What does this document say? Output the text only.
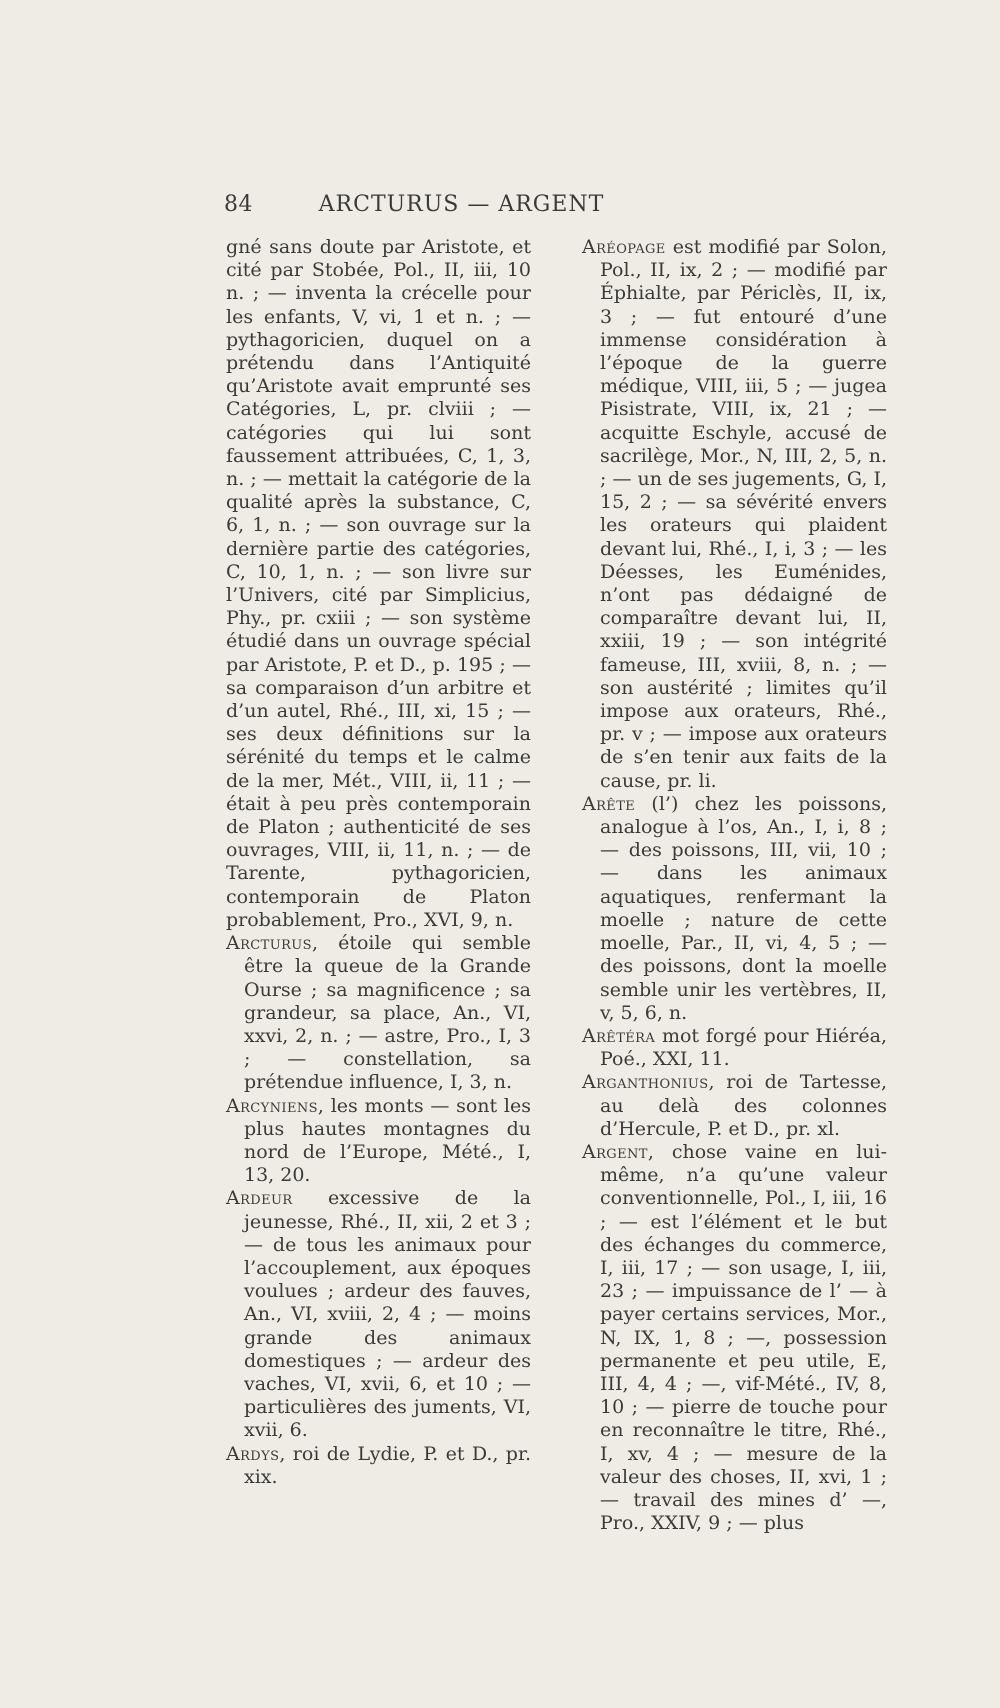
84	ARCTURUS — ARGENT

gné sans doute par Aristote, et cité par Stobée, Pol., II, iii, 10 n. ; — inventa la crécelle pour les enfants, V, vi, 1 et n. ; — pythagoricien, duquel on a prétendu dans l’Antiquité qu’Aristote avait emprunté ses Catégories, L, pr. clviii ; — catégories qui lui sont faussement attribuées, C, 1, 3, n. ; — mettait la catégorie de la qualité après la substance, C, 6, 1, n. ; — son ouvrage sur la dernière partie des catégories, C, 10, 1, n. ; — son livre sur l’Univers, cité par Simplicius, Phy., pr. cxiii ; — son système étudié dans un ouvrage spécial par Aristote, P. et D., p. 195 ; — sa comparaison d’un arbitre et d’un autel, Rhé., III, xi, 15 ; — ses deux définitions sur la sérénité du temps et le calme de la mer, Mét., VIII, ii, 11 ; — était à peu près contemporain de Platon ; authenticité de ses ouvrages, VIII, ii, 11, n. ; — de Tarente, pythagoricien, contemporain de Platon probablement, Pro., XVI, 9, n.

Arcturus, étoile qui semble être la queue de la Grande Ourse ; sa magnificence ; sa grandeur, sa place, An., VI, xxvi, 2, n. ; — astre, Pro., I, 3 ; — constellation, sa prétendue influence, I, 3, n.

Arcyniens, les monts — sont les plus hautes montagnes du nord de l’Europe, Mété., I, 13, 20.

Ardeur excessive de la jeunesse, Rhé., II, xii, 2 et 3 ; — de tous les animaux pour l’accouplement, aux époques voulues ; ardeur des fauves, An., VI, xviii, 2, 4 ; — moins grande des animaux domestiques ; — ardeur des vaches, VI, xvii, 6, et 10 ; — particulières des juments, VI, xvii, 6.

Ardys, roi de Lydie, P. et D., pr. xix.

Aréopage est modifié par Solon, Pol., II, ix, 2 ; — modifié par Éphialte, par Périclès, II, ix, 3 ; — fut entouré d’une immense considération à l’époque de la guerre médique, VIII, iii, 5 ; — jugea Pisistrate, VIII, ix, 21 ; — acquitte Eschyle, accusé de sacrilège, Mor., N, III, 2, 5, n. ; — un de ses jugements, G, I, 15, 2 ; — sa sévérité envers les orateurs qui plaident devant lui, Rhé., I, i, 3 ; — les Déesses, les Euménides, n’ont pas dédaigné de comparaître devant lui, II, xxiii, 19 ; — son intégrité fameuse, III, xviii, 8, n. ; — son austérité ; limites qu’il impose aux orateurs, Rhé., pr. v ; — impose aux orateurs de s’en tenir aux faits de la cause, pr. li.

Arête (l’) chez les poissons, analogue à l’os, An., I, i, 8 ; — des poissons, III, vii, 10 ; — dans les animaux aquatiques, renfermant la moelle ; nature de cette moelle, Par., II, vi, 4, 5 ; — des poissons, dont la moelle semble unir les vertèbres, II, v, 5, 6, n.

Arêtéra mot forgé pour Hiéréa, Poé., XXI, 11.

Arganthonius, roi de Tartesse, au delà des colonnes d’Hercule, P. et D., pr. xl.

Argent, chose vaine en lui-même, n’a qu’une valeur conventionnelle, Pol., I, iii, 16 ; — est l’élément et le but des échanges du commerce, I, iii, 17 ; — son usage, I, iii, 23 ; — impuissance de l’ — à payer certains services, Mor., N, IX, 1, 8 ; —, possession permanente et peu utile, E, III, 4, 4 ; —, vif-Mété., IV, 8, 10 ; — pierre de touche pour en reconnaître le titre, Rhé., I, xv, 4 ; — mesure de la valeur des choses, II, xvi, 1 ; — travail des mines d’ —, Pro., XXIV, 9 ; — plus
